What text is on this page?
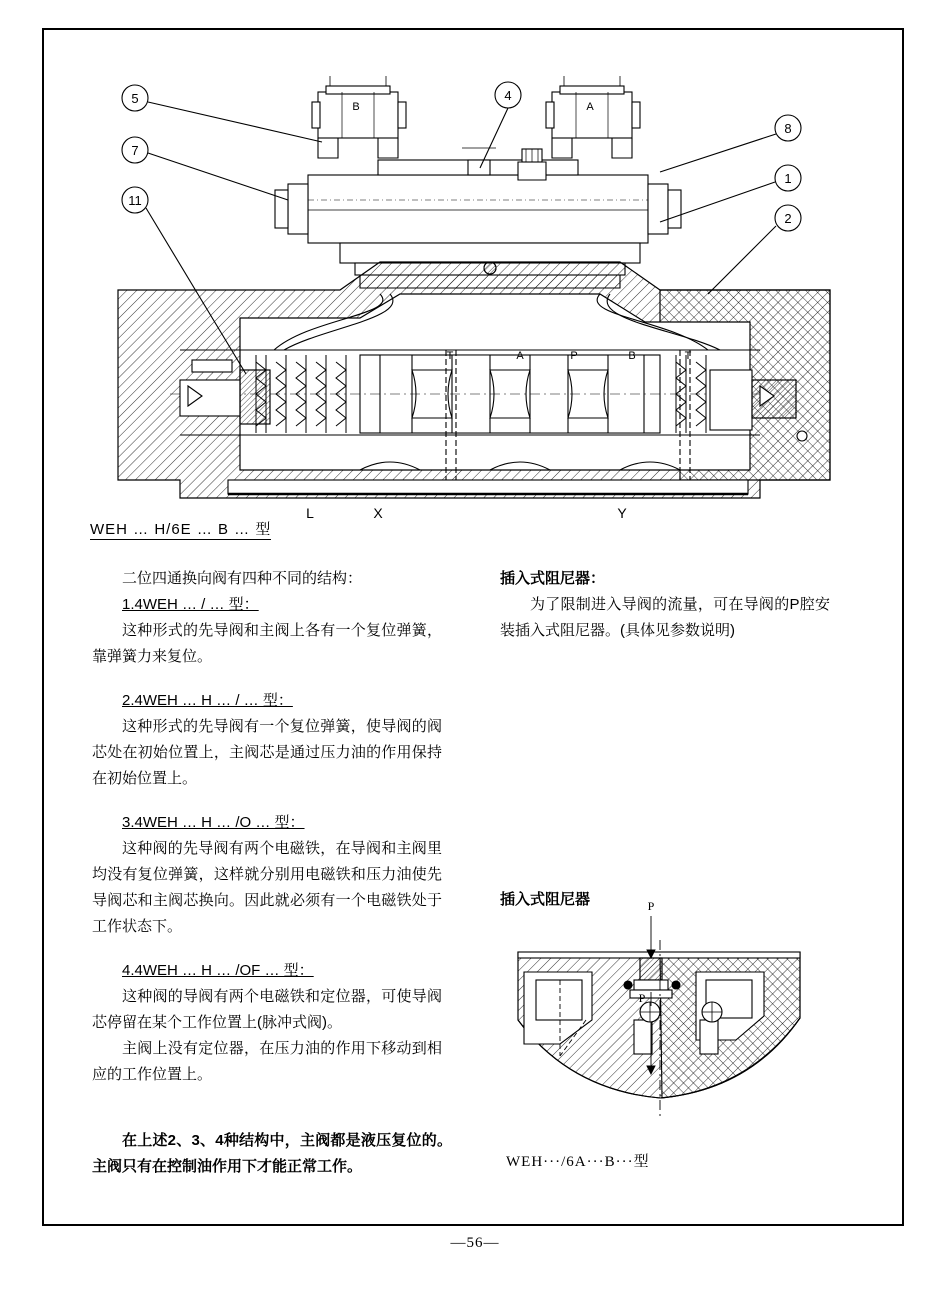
B	A
T	A	P	B	T
L	X	Y
5
7
11
4
8
1
2
WEH … H/6E … B … 型

二位四通换向阀有四种不同的结构：

1.4WEH … / … 型：

这种形式的先导阀和主阀上各有一个复位弹簧，靠弹簧力来复位。

2.4WEH … H … / … 型：

这种形式的先导阀有一个复位弹簧，使导阀的阀芯处在初始位置上，主阀芯是通过压力油的作用保持在初始位置上。

3.4WEH … H … /O … 型：

这种阀的先导阀有两个电磁铁，在导阀和主阀里均没有复位弹簧，这样就分别用电磁铁和压力油使先导阀芯和主阀芯换向。因此就必须有一个电磁铁处于工作状态下。

4.4WEH … H … /OF … 型：

这种阀的导阀有两个电磁铁和定位器，可使导阀芯停留在某个工作位置上(脉冲式阀)。

主阀上没有定位器，在压力油的作用下移动到相应的工作位置上。

在上述2、3、4种结构中，主阀都是液压复位的。主阀只有在控制油作用下才能正常工作。

插入式阻尼器：

为了限制进入导阀的流量，可在导阀的P腔安装插入式阻尼器。(具体见参数说明)

插入式阻尼器	P
P
WEH···/6A···B···型
—56—
